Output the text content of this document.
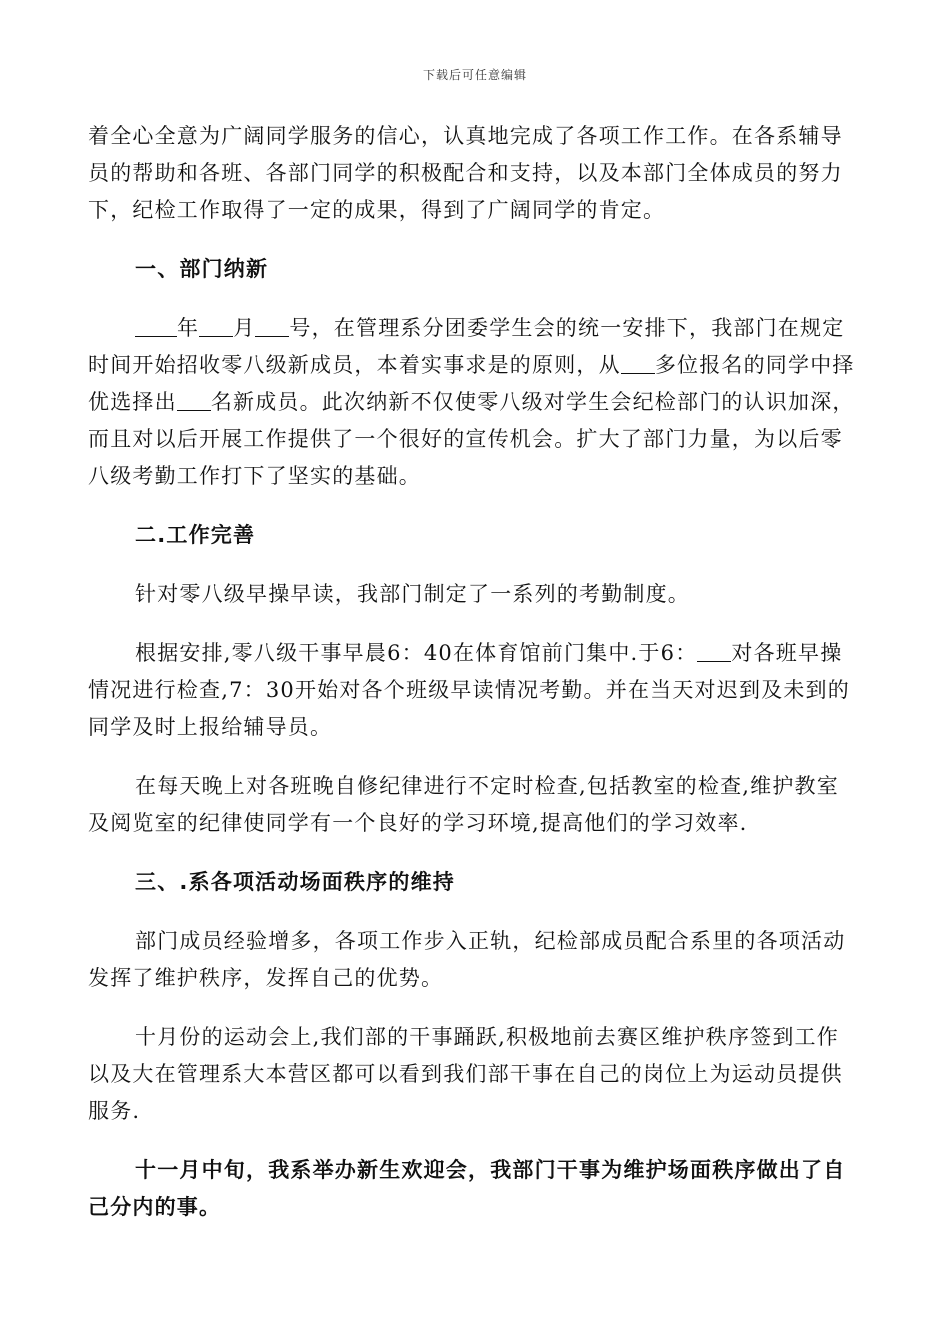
下载后可任意编辑

着全心全意为广阔同学服务的信心，认真地完成了各项工作工作。在各系辅导员的帮助和各班、各部门同学的积极配合和支持，以及本部门全体成员的努力下，纪检工作取得了一定的成果，得到了广阔同学的肯定。

一、部门纳新

年 月 号，在管理系分团委学生会的统一安排下，我部门在规定时间开始招收零八级新成员，本着实事求是的原则，从 多位报名的同学中择优选择出 名新成员。此次纳新不仅使零八级对学生会纪检部门的认识加深，而且对以后开展工作提供了一个很好的宣传机会。扩大了部门力量，为以后零八级考勤工作打下了坚实的基础。

二.工作完善

针对零八级早操早读，我部门制定了一系列的考勤制度。

根据安排,零八级干事早晨6：40在体育馆前门集中.于6： 对各班早操情况进行检查,7：30开始对各个班级早读情况考勤。并在当天对迟到及未到的同学及时上报给辅导员。

在每天晚上对各班晚自修纪律进行不定时检查,包括教室的检查,维护教室及阅览室的纪律使同学有一个良好的学习环境,提高他们的学习效率.

三、.系各项活动场面秩序的维持

部门成员经验增多，各项工作步入正轨，纪检部成员配合系里的各项活动发挥了维护秩序，发挥自己的优势。

十月份的运动会上,我们部的干事踊跃,积极地前去赛区维护秩序签到工作以及大在管理系大本营区都可以看到我们部干事在自己的岗位上为运动员提供服务.

十一月中旬，我系举办新生欢迎会，我部门干事为维护场面秩序做出了自己分内的事。
